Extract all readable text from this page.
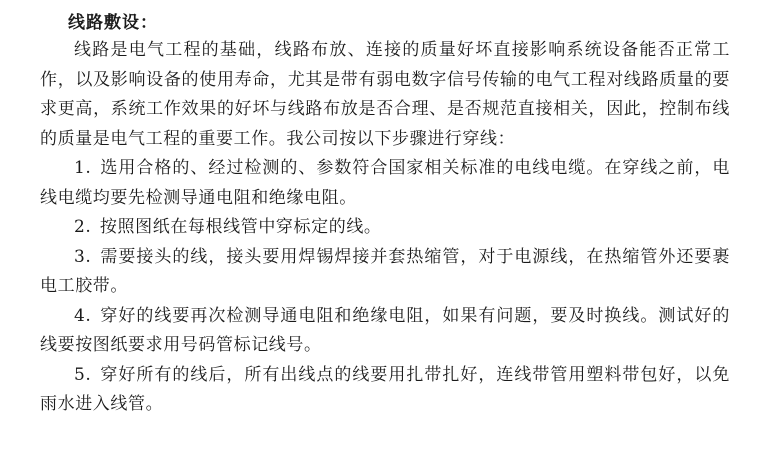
线路敷设：

线路是电气工程的基础，线路布放、连接的质量好坏直接影响系统设备能否正常工作，以及影响设备的使用寿命，尤其是带有弱电数字信号传输的电气工程对线路质量的要求更高，系统工作效果的好坏与线路布放是否合理、是否规范直接相关，因此，控制布线的质量是电气工程的重要工作。我公司按以下步骤进行穿线：

1. 选用合格的、经过检测的、参数符合国家相关标准的电线电缆。在穿线之前，电线电缆均要先检测导通电阻和绝缘电阻。

2. 按照图纸在每根线管中穿标定的线。

3. 需要接头的线，接头要用焊锡焊接并套热缩管，对于电源线，在热缩管外还要裹电工胶带。

4. 穿好的线要再次检测导通电阻和绝缘电阻，如果有问题，要及时换线。测试好的线要按图纸要求用号码管标记线号。

5. 穿好所有的线后，所有出线点的线要用扎带扎好，连线带管用塑料带包好，以免雨水进入线管。
